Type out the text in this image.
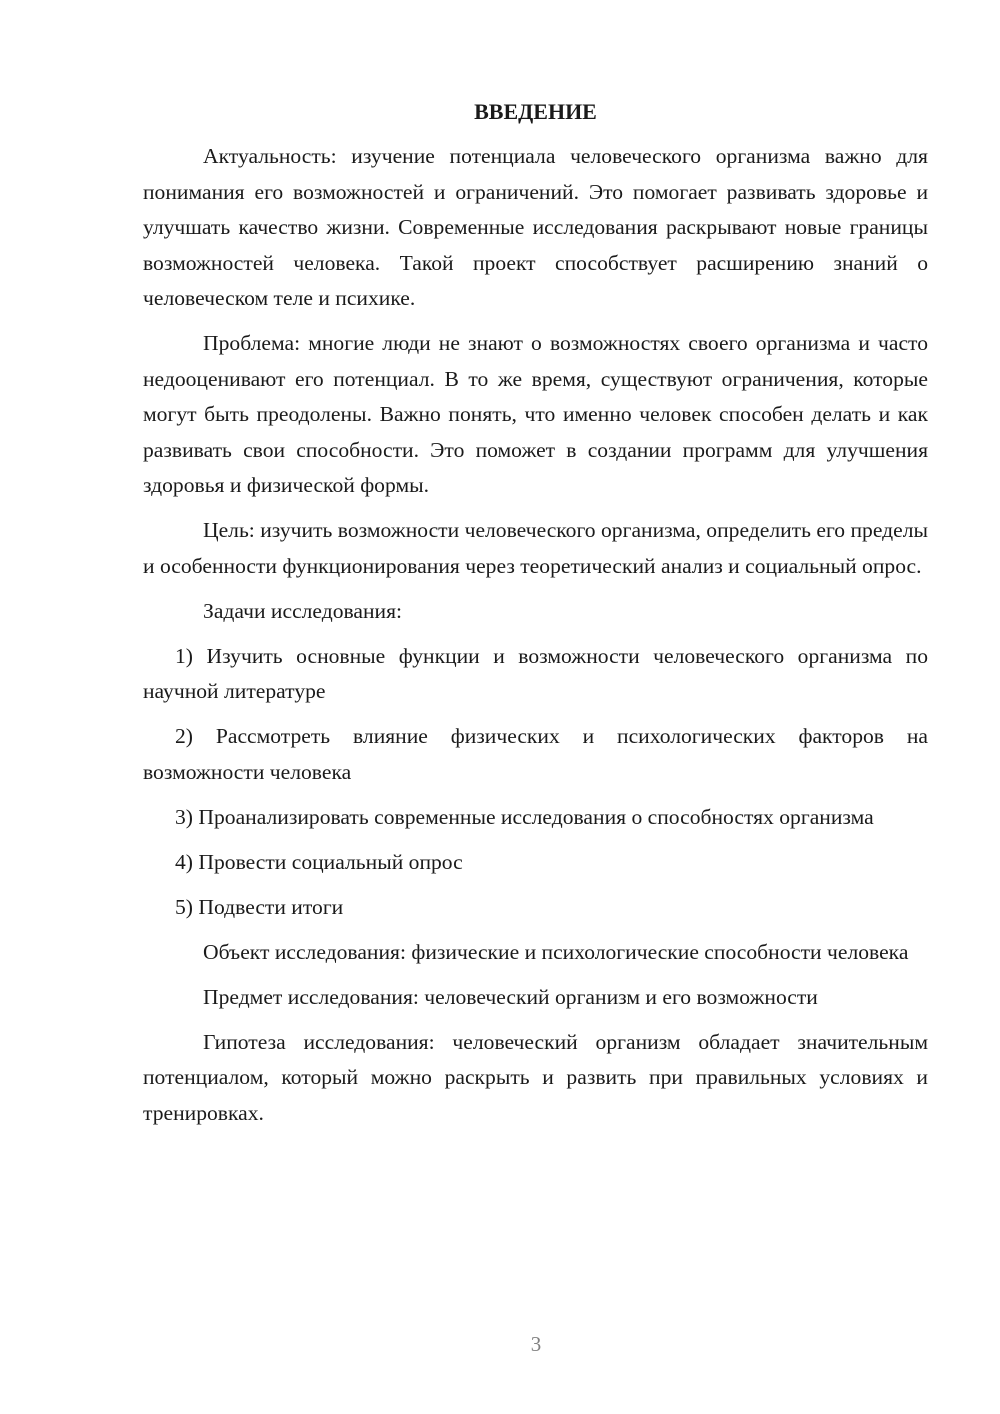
ВВЕДЕНИЕ

Актуальность: изучение потенциала человеческого организма важно для понимания его возможностей и ограничений. Это помогает развивать здоровье и улучшать качество жизни. Современные исследования раскрывают новые границы возможностей человека. Такой проект способствует расширению знаний о человеческом теле и психике.

Проблема: многие люди не знают о возможностях своего организма и часто недооценивают его потенциал. В то же время, существуют ограничения, которые могут быть преодолены. Важно понять, что именно человек способен делать и как развивать свои способности. Это поможет в создании программ для улучшения здоровья и физической формы.

Цель: изучить возможности человеческого организма, определить его пределы и особенности функционирования через теоретический анализ и социальный опрос.

Задачи исследования:

1) Изучить основные функции и возможности человеческого организма по научной литературе

2) Рассмотреть влияние физических и психологических факторов на возможности человека

3) Проанализировать современные исследования о способностях организма

4) Провести социальный опрос

5) Подвести итоги

Объект исследования: физические и психологические способности человека

Предмет исследования: человеческий организм и его возможности

Гипотеза исследования: человеческий организм обладает значительным потенциалом, который можно раскрыть и развить при правильных условиях и тренировках.

3
